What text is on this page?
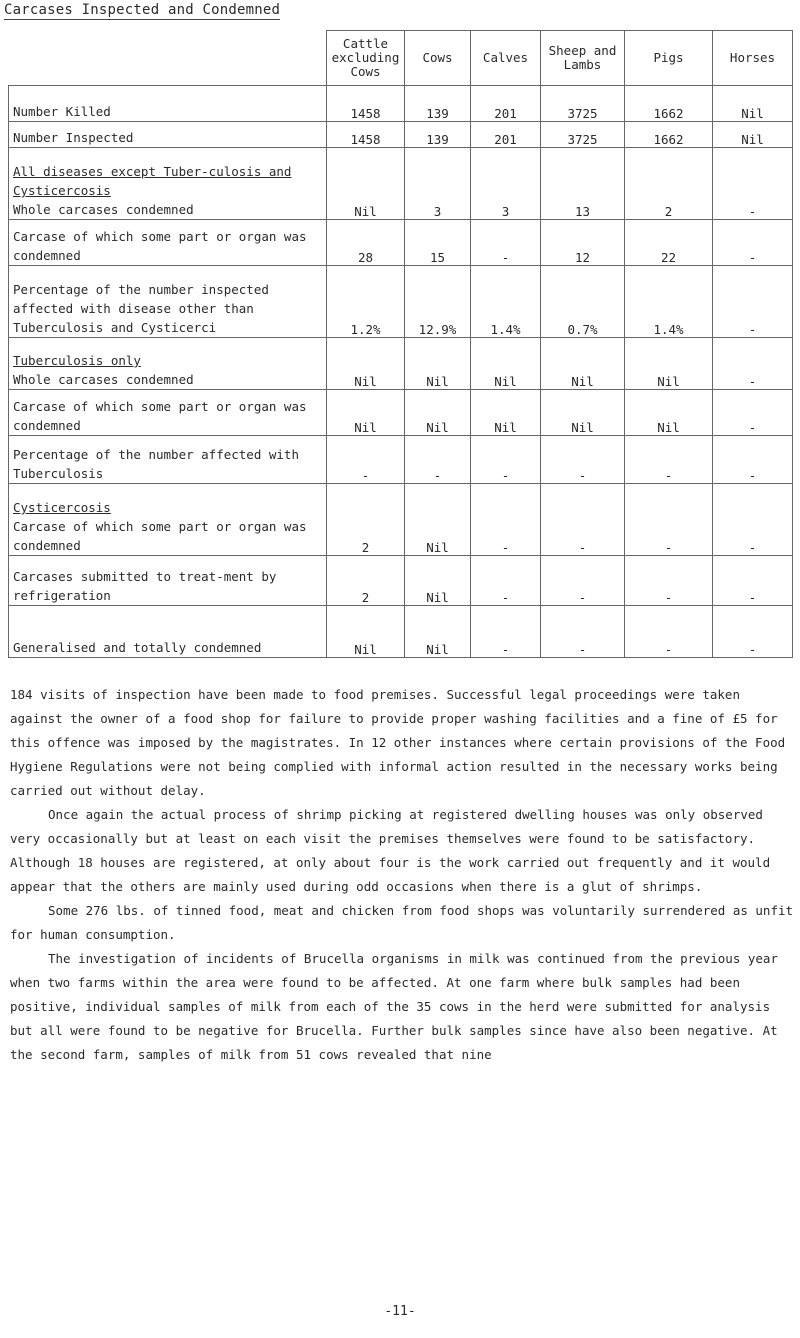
Carcases Inspected and Condemned
	Cattle excluding Cows	Cows	Calves	Sheep and Lambs	Pigs	Horses
Number Killed	1458	139	201	3725	1662	Nil
Number Inspected	1458	139	201	3725	1662	Nil

All diseases except Tuber-culosis and Cysticercosis
Whole carcases condemned	Nil	3	3	13	2	-
Carcase of which some part or organ was condemned	28	15	-	12	22	-
Percentage of the number inspected affected with disease other than Tuberculosis and Cysticerci	1.2%	12.9%	1.4%	0.7%	1.4%	-

Tuberculosis only
Whole carcases condemned	Nil	Nil	Nil	Nil	Nil	-
Carcase of which some part or organ was condemned	Nil	Nil	Nil	Nil	Nil	-
Percentage of the number affected with Tuberculosis	-	-	-	-	-	-

Cysticercosis
Carcase of which some part or organ was condemned	2	Nil	-	-	-	-
Carcases submitted to treat-ment by refrigeration	2	Nil	-	-	-	-
Generalised and totally condemned	Nil	Nil	-	-	-	-

184 visits of inspection have been made to food premises. Successful legal proceedings were taken against the owner of a food shop for failure to provide proper washing facilities and a fine of £5 for this offence was imposed by the magistrates. In 12 other instances where certain provisions of the Food Hygiene Regulations were not being complied with informal action resulted in the necessary works being carried out without delay.

Once again the actual process of shrimp picking at registered dwelling houses was only observed very occasionally but at least on each visit the premises themselves were found to be satisfactory. Although 18 houses are registered, at only about four is the work carried out frequently and it would appear that the others are mainly used during odd occasions when there is a glut of shrimps.

Some 276 lbs. of tinned food, meat and chicken from food shops was voluntarily surrendered as unfit for human consumption.

The investigation of incidents of Brucella organisms in milk was continued from the previous year when two farms within the area were found to be affected. At one farm where bulk samples had been positive, individual samples of milk from each of the 35 cows in the herd were submitted for analysis but all were found to be negative for Brucella. Further bulk samples since have also been negative. At the second farm, samples of milk from 51 cows revealed that nine

-11-
